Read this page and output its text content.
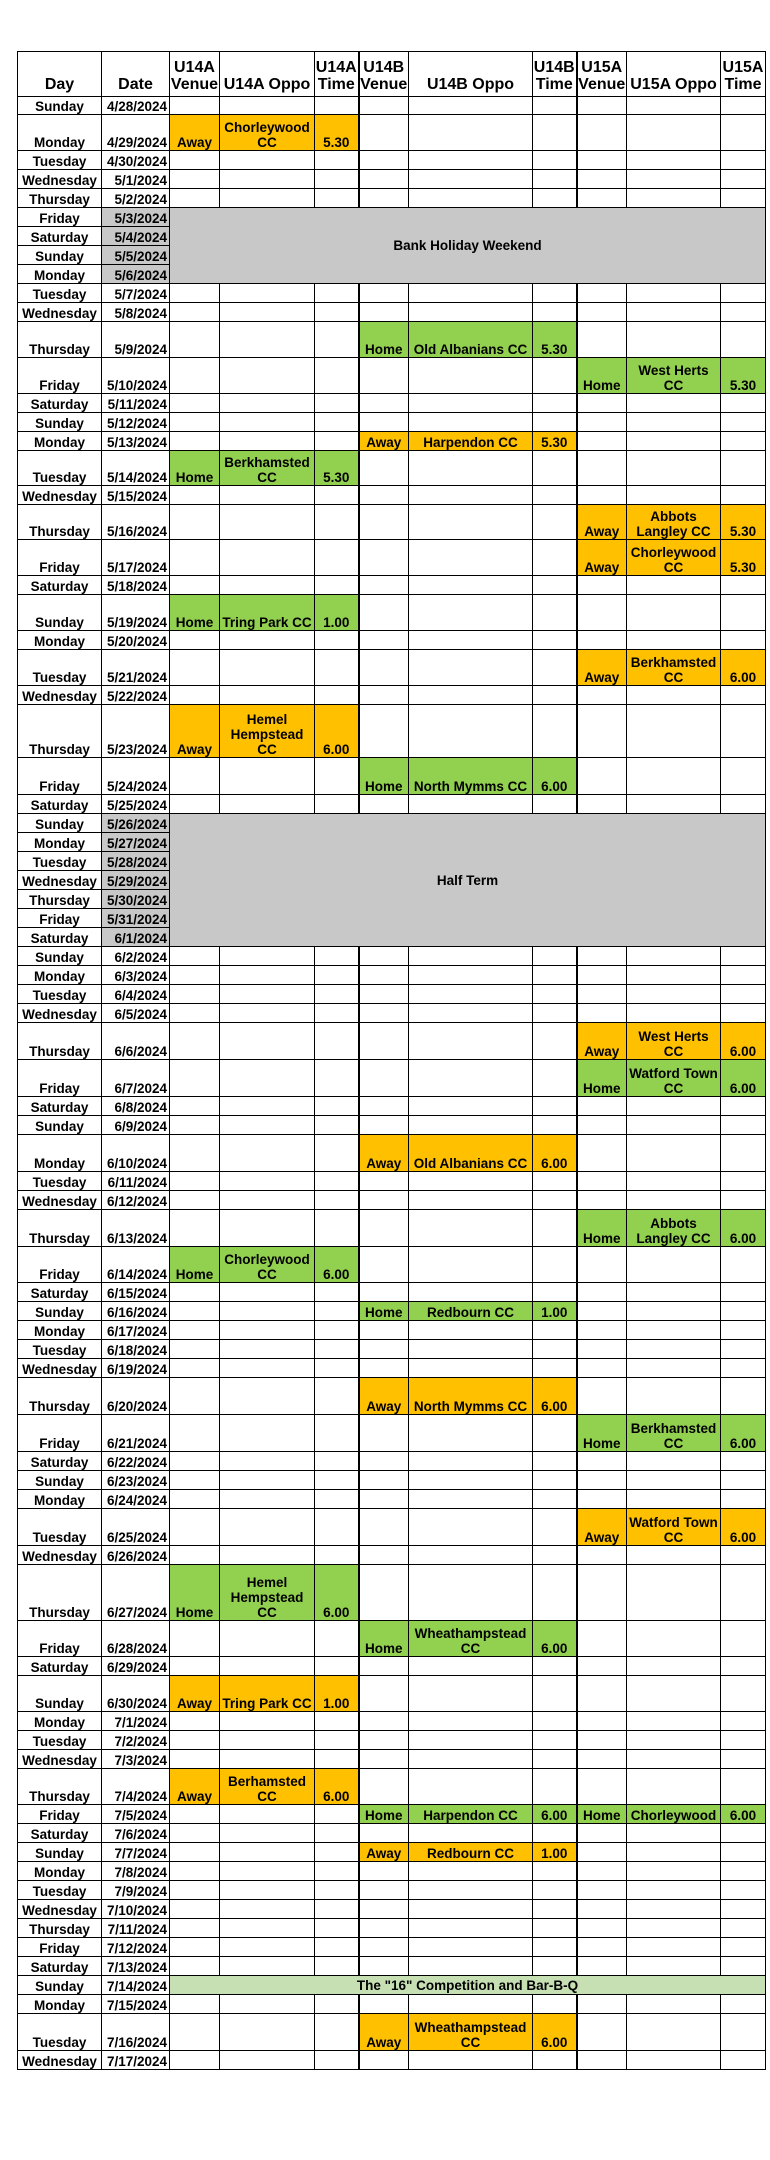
Day	Date	U14A Venue	U14A Oppo	U14A Time	U14B Venue	U14B Oppo	U14B Time	U15A Venue	U15A Oppo	U15A Time
Sunday	4/28/2024									
Monday	4/29/2024	Away	Chorleywood CC	5.30						
Tuesday	4/30/2024									
Wednesday	5/1/2024									
Thursday	5/2/2024									
Friday	5/3/2024	Bank Holiday Weekend								
Saturday	5/4/2024									
Sunday	5/5/2024									
Monday	5/6/2024									
Tuesday	5/7/2024									
Wednesday	5/8/2024									
Thursday	5/9/2024				Home	Old Albanians CC	5.30			
Friday	5/10/2024							Home	West Herts CC	5.30
Saturday	5/11/2024									
Sunday	5/12/2024									
Monday	5/13/2024				Away	Harpendon CC	5.30			
Tuesday	5/14/2024	Home	Berkhamsted CC	5.30						
Wednesday	5/15/2024									
Thursday	5/16/2024							Away	Abbots Langley CC	5.30
Friday	5/17/2024							Away	Chorleywood CC	5.30
Saturday	5/18/2024									
Sunday	5/19/2024	Home	Tring Park CC	1.00						
Monday	5/20/2024									
Tuesday	5/21/2024							Away	Berkhamsted CC	6.00
Wednesday	5/22/2024									
Thursday	5/23/2024	Away	Hemel Hempstead CC	6.00						
Friday	5/24/2024				Home	North Mymms CC	6.00			
Saturday	5/25/2024									
Sunday	5/26/2024	Half Term								
Monday	5/27/2024									
Tuesday	5/28/2024									
Wednesday	5/29/2024									
Thursday	5/30/2024									
Friday	5/31/2024									
Saturday	6/1/2024									
Sunday	6/2/2024									
Monday	6/3/2024									
Tuesday	6/4/2024									
Wednesday	6/5/2024									
Thursday	6/6/2024							Away	West Herts CC	6.00
Friday	6/7/2024							Home	Watford Town CC	6.00
Saturday	6/8/2024									
Sunday	6/9/2024									
Monday	6/10/2024				Away	Old Albanians CC	6.00			
Tuesday	6/11/2024									
Wednesday	6/12/2024									
Thursday	6/13/2024							Home	Abbots Langley CC	6.00
Friday	6/14/2024	Home	Chorleywood CC	6.00						
Saturday	6/15/2024									
Sunday	6/16/2024				Home	Redbourn CC	1.00			
Monday	6/17/2024									
Tuesday	6/18/2024									
Wednesday	6/19/2024									
Thursday	6/20/2024				Away	North Mymms CC	6.00			
Friday	6/21/2024							Home	Berkhamsted CC	6.00
Saturday	6/22/2024									
Sunday	6/23/2024									
Monday	6/24/2024									
Tuesday	6/25/2024							Away	Watford Town CC	6.00
Wednesday	6/26/2024									
Thursday	6/27/2024	Home	Hemel Hempstead CC	6.00						
Friday	6/28/2024				Home	Wheathampstead CC	6.00			
Saturday	6/29/2024									
Sunday	6/30/2024	Away	Tring Park CC	1.00						
Monday	7/1/2024									
Tuesday	7/2/2024									
Wednesday	7/3/2024									
Thursday	7/4/2024	Away	Berhamsted CC	6.00						
Friday	7/5/2024				Home	Harpendon CC	6.00	Home	Chorleywood	6.00
Saturday	7/6/2024									
Sunday	7/7/2024				Away	Redbourn CC	1.00			
Monday	7/8/2024									
Tuesday	7/9/2024									
Wednesday	7/10/2024									
Thursday	7/11/2024									
Friday	7/12/2024									
Saturday	7/13/2024									
Sunday	7/14/2024	The "16" Competition and Bar-B-Q								
Monday	7/15/2024									
Tuesday	7/16/2024				Away	Wheathampstead CC	6.00			
Wednesday	7/17/2024									
